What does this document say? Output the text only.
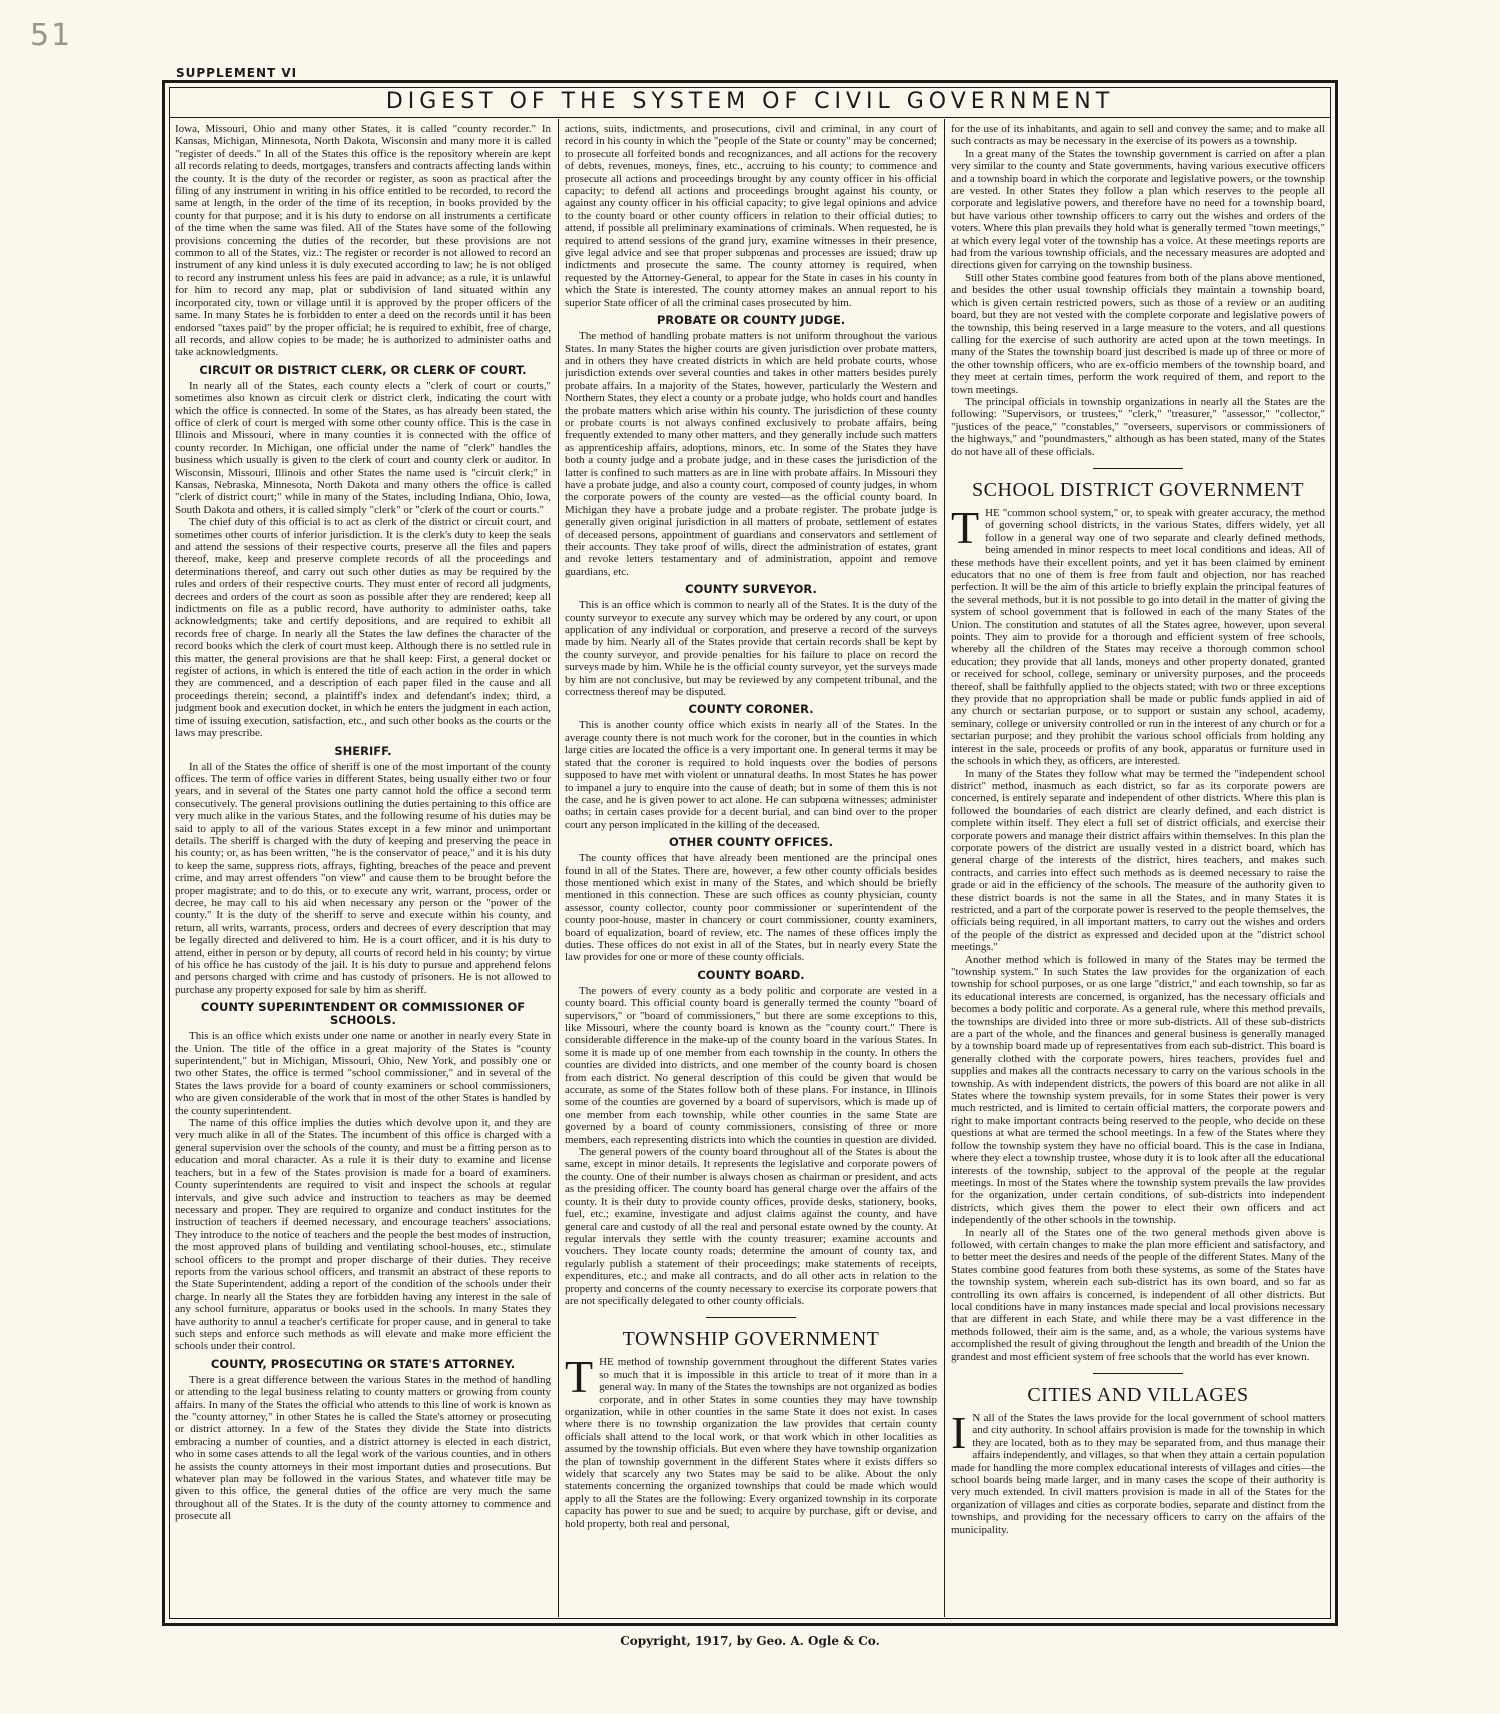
51
SUPPLEMENT VI
DIGEST OF THE SYSTEM OF CIVIL GOVERNMENT

Iowa, Missouri, Ohio and many other States, it is called "county recorder." In Kansas, Michigan, Minnesota, North Dakota, Wisconsin and many more it is called "register of deeds." In all of the States this office is the repository wherein are kept all records relating to deeds, mortgages, transfers and contracts affecting lands within the county. It is the duty of the recorder or register, as soon as practical after the filing of any instrument in writing in his office entitled to be recorded, to record the same at length, in the order of the time of its reception, in books provided by the county for that purpose; and it is his duty to endorse on all instruments a certificate of the time when the same was filed. All of the States have some of the following provisions concerning the duties of the recorder, but these provisions are not common to all of the States, viz.: The register or recorder is not allowed to record an instrument of any kind unless it is duly executed according to law; he is not obliged to record any instrument unless his fees are paid in advance; as a rule, it is unlawful for him to record any map, plat or subdivision of land situated within any incorporated city, town or village until it is approved by the proper officers of the same. In many States he is forbidden to enter a deed on the records until it has been endorsed "taxes paid" by the proper official; he is required to exhibit, free of charge, all records, and allow copies to be made; he is authorized to administer oaths and take acknowledgments.

CIRCUIT OR DISTRICT CLERK, OR CLERK OF COURT.

In nearly all of the States, each county elects a "clerk of court or courts," sometimes also known as circuit clerk or district clerk, indicating the court with which the office is connected. In some of the States, as has already been stated, the office of clerk of court is merged with some other county office. This is the case in Illinois and Missouri, where in many counties it is connected with the office of county recorder. In Michigan, one official under the name of "clerk" handles the business which usually is given to the clerk of court and county clerk or auditor. In Wisconsin, Missouri, Illinois and other States the name used is "circuit clerk;" in Kansas, Nebraska, Minnesota, North Dakota and many others the office is called "clerk of district court;" while in many of the States, including Indiana, Ohio, Iowa, South Dakota and others, it is called simply "clerk" or "clerk of the court or courts."

The chief duty of this official is to act as clerk of the district or circuit court, and sometimes other courts of inferior jurisdiction. It is the clerk's duty to keep the seals and attend the sessions of their respective courts, preserve all the files and papers thereof, make, keep and preserve complete records of all the proceedings and determinations thereof, and carry out such other duties as may be required by the rules and orders of their respective courts. They must enter of record all judgments, decrees and orders of the court as soon as possible after they are rendered; keep all indictments on file as a public record, have authority to administer oaths, take acknowledgments; take and certify depositions, and are required to exhibit all records free of charge. In nearly all the States the law defines the character of the record books which the clerk of court must keep. Although there is no settled rule in this matter, the general provisions are that he shall keep: First, a general docket or register of actions, in which is entered the title of each action in the order in which they are commenced, and a description of each paper filed in the cause and all proceedings therein; second, a plaintiff's index and defendant's index; third, a judgment book and execution docket, in which he enters the judgment in each action, time of issuing execution, satisfaction, etc., and such other books as the courts or the laws may prescribe.

SHERIFF.

In all of the States the office of sheriff is one of the most important of the county offices. The term of office varies in different States, being usually either two or four years, and in several of the States one party cannot hold the office a second term consecutively. The general provisions outlining the duties pertaining to this office are very much alike in the various States, and the following resume of his duties may be said to apply to all of the various States except in a few minor and unimportant details. The sheriff is charged with the duty of keeping and preserving the peace in his county; or, as has been written, "he is the conservator of peace," and it is his duty to keep the same, suppress riots, affrays, fighting, breaches of the peace and prevent crime, and may arrest offenders "on view" and cause them to be brought before the proper magistrate; and to do this, or to execute any writ, warrant, process, order or decree, he may call to his aid when necessary any person or the "power of the county." It is the duty of the sheriff to serve and execute within his county, and return, all writs, warrants, process, orders and decrees of every description that may be legally directed and delivered to him. He is a court officer, and it is his duty to attend, either in person or by deputy, all courts of record held in his county; by virtue of his office he has custody of the jail. It is his duty to pursue and apprehend felons and persons charged with crime and has custody of prisoners. He is not allowed to purchase any property exposed for sale by him as sheriff.

COUNTY SUPERINTENDENT OR COMMISSIONER OF SCHOOLS.

This is an office which exists under one name or another in nearly every State in the Union. The title of the office in a great majority of the States is "county superintendent," but in Michigan, Missouri, Ohio, New York, and possibly one or two other States, the office is termed "school commissioner," and in several of the States the laws provide for a board of county examiners or school commissioners, who are given considerable of the work that in most of the other States is handled by the county superintendent.

The name of this office implies the duties which devolve upon it, and they are very much alike in all of the States. The incumbent of this office is charged with a general supervision over the schools of the county, and must be a fitting person as to education and moral character. As a rule it is their duty to examine and license teachers, but in a few of the States provision is made for a board of examiners. County superintendents are required to visit and inspect the schools at regular intervals, and give such advice and instruction to teachers as may be deemed necessary and proper. They are required to organize and conduct institutes for the instruction of teachers if deemed necessary, and encourage teachers' associations. They introduce to the notice of teachers and the people the best modes of instruction, the most approved plans of building and ventilating school-houses, etc., stimulate school officers to the prompt and proper discharge of their duties. They receive reports from the various school officers, and transmit an abstract of these reports to the State Superintendent, adding a report of the condition of the schools under their charge. In nearly all the States they are forbidden having any interest in the sale of any school furniture, apparatus or books used in the schools. In many States they have authority to annul a teacher's certificate for proper cause, and in general to take such steps and enforce such methods as will elevate and make more efficient the schools under their control.

COUNTY, PROSECUTING OR STATE'S ATTORNEY.

There is a great difference between the various States in the method of handling or attending to the legal business relating to county matters or growing from county affairs. In many of the States the official who attends to this line of work is known as the "county attorney," in other States he is called the State's attorney or prosecuting or district attorney. In a few of the States they divide the State into districts embracing a number of counties, and a district attorney is elected in each district, who in some cases attends to all the legal work of the various counties, and in others he assists the county attorneys in their most important duties and prosecutions. But whatever plan may be followed in the various States, and whatever title may be given to this office, the general duties of the office are very much the same throughout all of the States. It is the duty of the county attorney to commence and prosecute all

actions, suits, indictments, and prosecutions, civil and criminal, in any court of record in his county in which the "people of the State or county" may be concerned; to prosecute all forfeited bonds and recognizances, and all actions for the recovery of debts, revenues, moneys, fines, etc., accruing to his county; to commence and prosecute all actions and proceedings brought by any county officer in his official capacity; to defend all actions and proceedings brought against his county, or against any county officer in his official capacity; to give legal opinions and advice to the county board or other county officers in relation to their official duties; to attend, if possible all preliminary examinations of criminals. When requested, he is required to attend sessions of the grand jury, examine witnesses in their presence, give legal advice and see that proper subpœnas and processes are issued; draw up indictments and prosecute the same. The county attorney is required, when requested by the Attorney-General, to appear for the State in cases in his county in which the State is interested. The county attorney makes an annual report to his superior State officer of all the criminal cases prosecuted by him.

PROBATE OR COUNTY JUDGE.

The method of handling probate matters is not uniform throughout the various States. In many States the higher courts are given jurisdiction over probate matters, and in others they have created districts in which are held probate courts, whose jurisdiction extends over several counties and takes in other matters besides purely probate affairs. In a majority of the States, however, particularly the Western and Northern States, they elect a county or a probate judge, who holds court and handles the probate matters which arise within his county. The jurisdiction of these county or probate courts is not always confined exclusively to probate affairs, being frequently extended to many other matters, and they generally include such matters as apprenticeship affairs, adoptions, minors, etc. In some of the States they have both a county judge and a probate judge, and in these cases the jurisdiction of the latter is confined to such matters as are in line with probate affairs. In Missouri they have a probate judge, and also a county court, composed of county judges, in whom the corporate powers of the county are vested—as the official county board. In Michigan they have a probate judge and a probate register. The probate judge is generally given original jurisdiction in all matters of probate, settlement of estates of deceased persons, appointment of guardians and conservators and settlement of their accounts. They take proof of wills, direct the administration of estates, grant and revoke letters testamentary and of administration, appoint and remove guardians, etc.

COUNTY SURVEYOR.

This is an office which is common to nearly all of the States. It is the duty of the county surveyor to execute any survey which may be ordered by any court, or upon application of any individual or corporation, and preserve a record of the surveys made by him. Nearly all of the States provide that certain records shall be kept by the county surveyor, and provide penalties for his failure to place on record the surveys made by him. While he is the official county surveyor, yet the surveys made by him are not conclusive, but may be reviewed by any competent tribunal, and the correctness thereof may be disputed.

COUNTY CORONER.

This is another county office which exists in nearly all of the States. In the average county there is not much work for the coroner, but in the counties in which large cities are located the office is a very important one. In general terms it may be stated that the coroner is required to hold inquests over the bodies of persons supposed to have met with violent or unnatural deaths. In most States he has power to impanel a jury to enquire into the cause of death; but in some of them this is not the case, and he is given power to act alone. He can subpœna witnesses; administer oaths; in certain cases provide for a decent burial, and can bind over to the proper court any person implicated in the killing of the deceased.

OTHER COUNTY OFFICES.

The county offices that have already been mentioned are the principal ones found in all of the States. There are, however, a few other county officials besides those mentioned which exist in many of the States, and which should be briefly mentioned in this connection. These are such offices as county physician, county assessor, county collector, county poor commissioner or superintendent of the county poor-house, master in chancery or court commissioner, county examiners, board of equalization, board of review, etc. The names of these offices imply the duties. These offices do not exist in all of the States, but in nearly every State the law provides for one or more of these county officials.

COUNTY BOARD.

The powers of every county as a body politic and corporate are vested in a county board. This official county board is generally termed the county "board of supervisors," or "board of commissioners," but there are some exceptions to this, like Missouri, where the county board is known as the "county court." There is considerable difference in the make-up of the county board in the various States. In some it is made up of one member from each township in the county. In others the counties are divided into districts, and one member of the county board is chosen from each district. No general description of this could be given that would be accurate, as some of the States follow both of these plans. For instance, in Illinois some of the counties are governed by a board of supervisors, which is made up of one member from each township, while other counties in the same State are governed by a board of county commissioners, consisting of three or more members, each representing districts into which the counties in question are divided.

The general powers of the county board throughout all of the States is about the same, except in minor details. It represents the legislative and corporate powers of the county. One of their number is always chosen as chairman or president, and acts as the presiding officer. The county board has general charge over the affairs of the county. It is their duty to provide county offices, provide desks, stationery, books, fuel, etc.; examine, investigate and adjust claims against the county, and have general care and custody of all the real and personal estate owned by the county. At regular intervals they settle with the county treasurer; examine accounts and vouchers. They locate county roads; determine the amount of county tax, and regularly publish a statement of their proceedings; make statements of receipts, expenditures, etc.; and make all contracts, and do all other acts in relation to the property and concerns of the county necessary to exercise its corporate powers that are not specifically delegated to other county officials.

TOWNSHIP GOVERNMENT

THE method of township government throughout the different States varies so much that it is impossible in this article to treat of it more than in a general way. In many of the States the townships are not organized as bodies corporate, and in other States in some counties they may have township organization, while in other counties in the same State it does not exist. In cases where there is no township organization the law provides that certain county officials shall attend to the local work, or that work which in other localities as assumed by the township officials. But even where they have township organization the plan of township government in the different States where it exists differs so widely that scarcely any two States may be said to be alike. About the only statements concerning the organized townships that could be made which would apply to all the States are the following: Every organized township in its corporate capacity has power to sue and be sued; to acquire by purchase, gift or devise, and hold property, both real and personal,

for the use of its inhabitants, and again to sell and convey the same; and to make all such contracts as may be necessary in the exercise of its powers as a township.

In a great many of the States the township government is carried on after a plan very similar to the county and State governments, having various executive officers and a township board in which the corporate and legislative powers, or the township are vested. In other States they follow a plan which reserves to the people all corporate and legislative powers, and therefore have no need for a township board, but have various other township officers to carry out the wishes and orders of the voters. Where this plan prevails they hold what is generally termed "town meetings," at which every legal voter of the township has a voice. At these meetings reports are had from the various township officials, and the necessary measures are adopted and directions given for carrying on the township business.

Still other States combine good features from both of the plans above mentioned, and besides the other usual township officials they maintain a township board, which is given certain restricted powers, such as those of a review or an auditing board, but they are not vested with the complete corporate and legislative powers of the township, this being reserved in a large measure to the voters, and all questions calling for the exercise of such authority are acted upon at the town meetings. In many of the States the township board just described is made up of three or more of the other township officers, who are ex-officio members of the township board, and they meet at certain times, perform the work required of them, and report to the town meetings.

The principal officials in township organizations in nearly all the States are the following: "Supervisors, or trustees," "clerk," "treasurer," "assessor," "collector," "justices of the peace," "constables," "overseers, supervisors or commissioners of the highways," and "poundmasters," although as has been stated, many of the States do not have all of these officials.

SCHOOL DISTRICT GOVERNMENT

THE "common school system," or, to speak with greater accuracy, the method of governing school districts, in the various States, differs widely, yet all follow in a general way one of two separate and clearly defined methods, being amended in minor respects to meet local conditions and ideas. All of these methods have their excellent points, and yet it has been claimed by eminent educators that no one of them is free from fault and objection, nor has reached perfection. It will be the aim of this article to briefly explain the principal features of the several methods, but it is not possible to go into detail in the matter of giving the system of school government that is followed in each of the many States of the Union. The constitution and statutes of all the States agree, however, upon several points. They aim to provide for a thorough and efficient system of free schools, whereby all the children of the States may receive a thorough common school education; they provide that all lands, moneys and other property donated, granted or received for school, college, seminary or university purposes, and the proceeds thereof, shall be faithfully applied to the objects stated; with two or three exceptions they provide that no appropriation shall be made or public funds applied in aid of any church or sectarian purpose, or to support or sustain any school, academy, seminary, college or university controlled or run in the interest of any church or for a sectarian purpose; and they prohibit the various school officials from holding any interest in the sale, proceeds or profits of any book, apparatus or furniture used in the schools in which they, as officers, are interested.

In many of the States they follow what may be termed the "independent school district" method, inasmuch as each district, so far as its corporate powers are concerned, is entirely separate and independent of other districts. Where this plan is followed the boundaries of each district are clearly defined, and each district is complete within itself. They elect a full set of district officials, and exercise their corporate powers and manage their district affairs within themselves. In this plan the corporate powers of the district are usually vested in a district board, which has general charge of the interests of the district, hires teachers, and makes such contracts, and carries into effect such methods as is deemed necessary to raise the grade or aid in the efficiency of the schools. The measure of the authority given to these district boards is not the same in all the States, and in many States it is restricted, and a part of the corporate power is reserved to the people themselves, the officials being required, in all important matters, to carry out the wishes and orders of the people of the district as expressed and decided upon at the "district school meetings."

Another method which is followed in many of the States may be termed the "township system." In such States the law provides for the organization of each township for school purposes, or as one large "district," and each township, so far as its educational interests are concerned, is organized, has the necessary officials and becomes a body politic and corporate. As a general rule, where this method prevails, the townships are divided into three or more sub-districts. All of these sub-districts are a part of the whole, and the finances and general business is generally managed by a township board made up of representatives from each sub-district. This board is generally clothed with the corporate powers, hires teachers, provides fuel and supplies and makes all the contracts necessary to carry on the various schools in the township. As with independent districts, the powers of this board are not alike in all States where the township system prevails, for in some States their power is very much restricted, and is limited to certain official matters, the corporate powers and right to make important contracts being reserved to the people, who decide on these questions at what are termed the school meetings. In a few of the States where they follow the township system they have no official board. This is the case in Indiana, where they elect a township trustee, whose duty it is to look after all the educational interests of the township, subject to the approval of the people at the regular meetings. In most of the States where the township system prevails the law provides for the organization, under certain conditions, of sub-districts into independent districts, which gives them the power to elect their own officers and act independently of the other schools in the township.

In nearly all of the States one of the two general methods given above is followed, with certain changes to make the plan more efficient and satisfactory, and to better meet the desires and needs of the people of the different States. Many of the States combine good features from both these systems, as some of the States have the township system, wherein each sub-district has its own board, and so far as controlling its own affairs is concerned, is independent of all other districts. But local conditions have in many instances made special and local provisions necessary that are different in each State, and while there may be a vast difference in the methods followed, their aim is the same, and, as a whole, the various systems have accomplished the result of giving throughout the length and breadth of the Union the grandest and most efficient system of free schools that the world has ever known.

CITIES AND VILLAGES

I N all of the States the laws provide for the local government of school matters and city authority. In school affairs provision is made for the township in which they are located, both as to they may be separated from, and thus manage their affairs independently, and villages, so that when they attain a certain population made for handling the more complex educational interests of villages and cities—the school boards being made larger, and in many cases the scope of their authority is very much extended. In civil matters provision is made in all of the States for the organization of villages and cities as corporate bodies, separate and distinct from the townships, and providing for the necessary officers to carry on the affairs of the municipality.

Copyright, 1917, by Geo. A. Ogle & Co.
